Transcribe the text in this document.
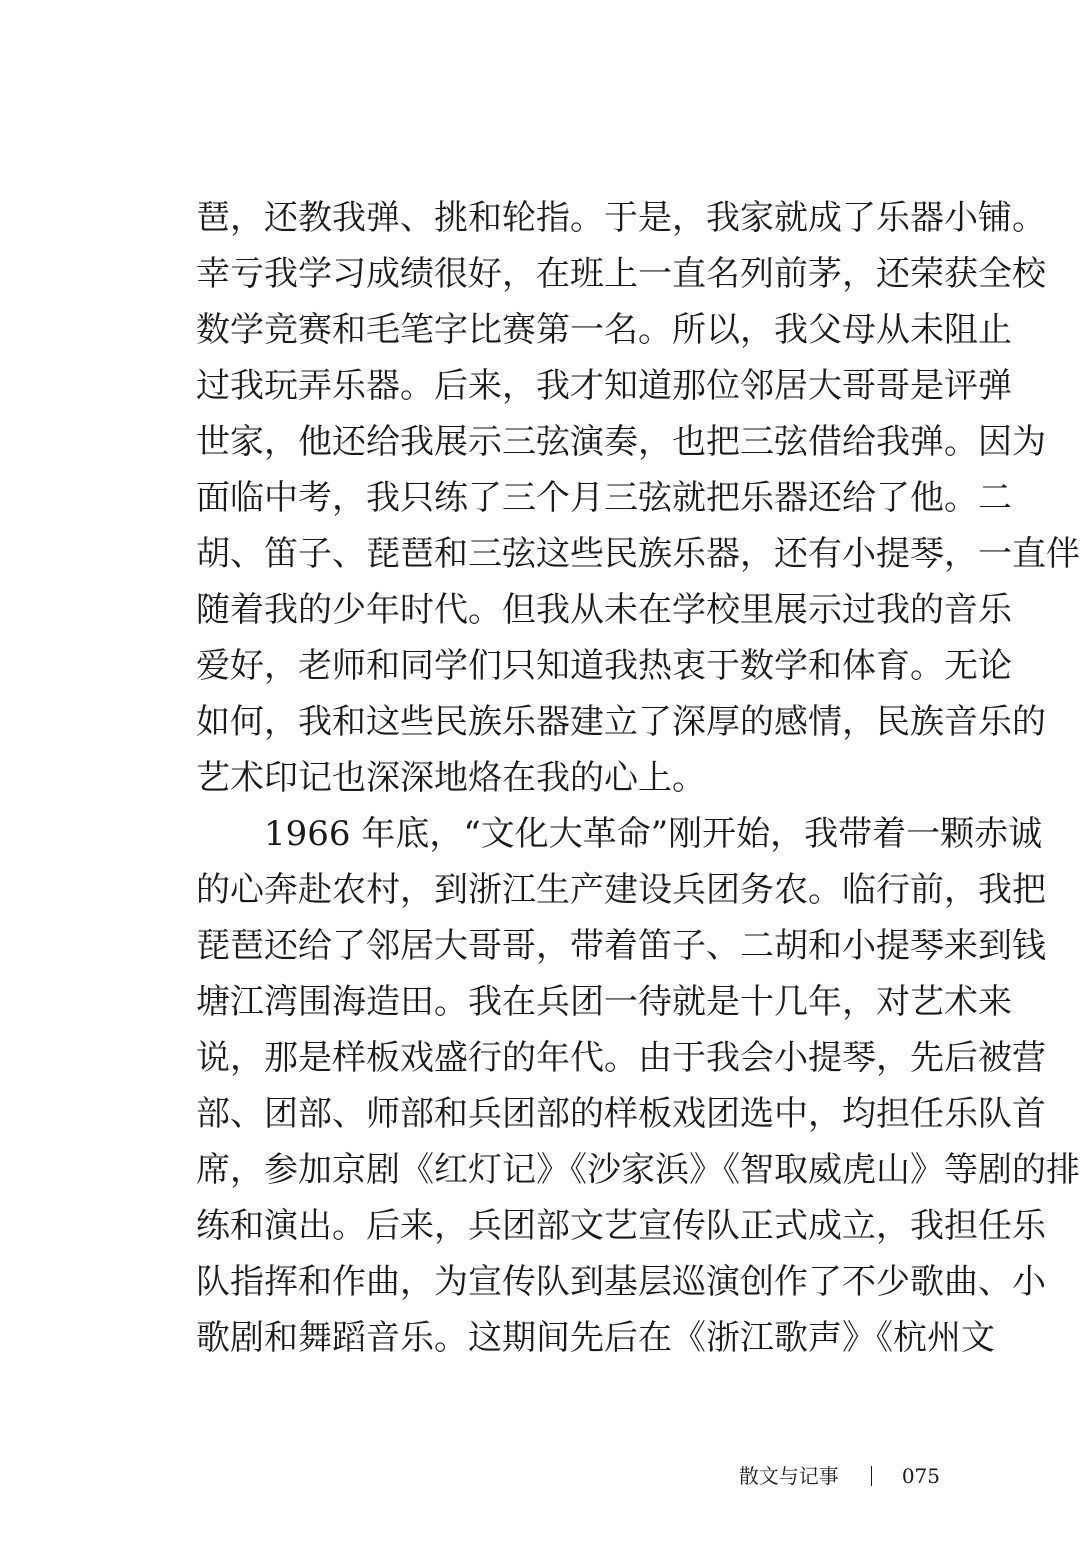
琶，还教我弹、挑和轮指。于是，我家就成了乐器小铺。
幸亏我学习成绩很好，在班上一直名列前茅，还荣获全校
数学竞赛和毛笔字比赛第一名。所以，我父母从未阻止
过我玩弄乐器。后来，我才知道那位邻居大哥哥是评弹
世家，他还给我展示三弦演奏，也把三弦借给我弹。因为
面临中考，我只练了三个月三弦就把乐器还给了他。二
胡、笛子、琵琶和三弦这些民族乐器，还有小提琴，一直伴
随着我的少年时代。但我从未在学校里展示过我的音乐
爱好，老师和同学们只知道我热衷于数学和体育。无论
如何，我和这些民族乐器建立了深厚的感情，民族音乐的
艺术印记也深深地烙在我的心上。
　　1966 年底，“文化大革命”刚开始，我带着一颗赤诚
的心奔赴农村，到浙江生产建设兵团务农。临行前，我把
琵琶还给了邻居大哥哥，带着笛子、二胡和小提琴来到钱
塘江湾围海造田。我在兵团一待就是十几年，对艺术来
说，那是样板戏盛行的年代。由于我会小提琴，先后被营
部、团部、师部和兵团部的样板戏团选中，均担任乐队首
席，参加京剧《红灯记》《沙家浜》《智取威虎山》等剧的排
练和演出。后来，兵团部文艺宣传队正式成立，我担任乐
队指挥和作曲，为宣传队到基层巡演创作了不少歌曲、小
歌剧和舞蹈音乐。这期间先后在《浙江歌声》《杭州文
散文与记事	075
